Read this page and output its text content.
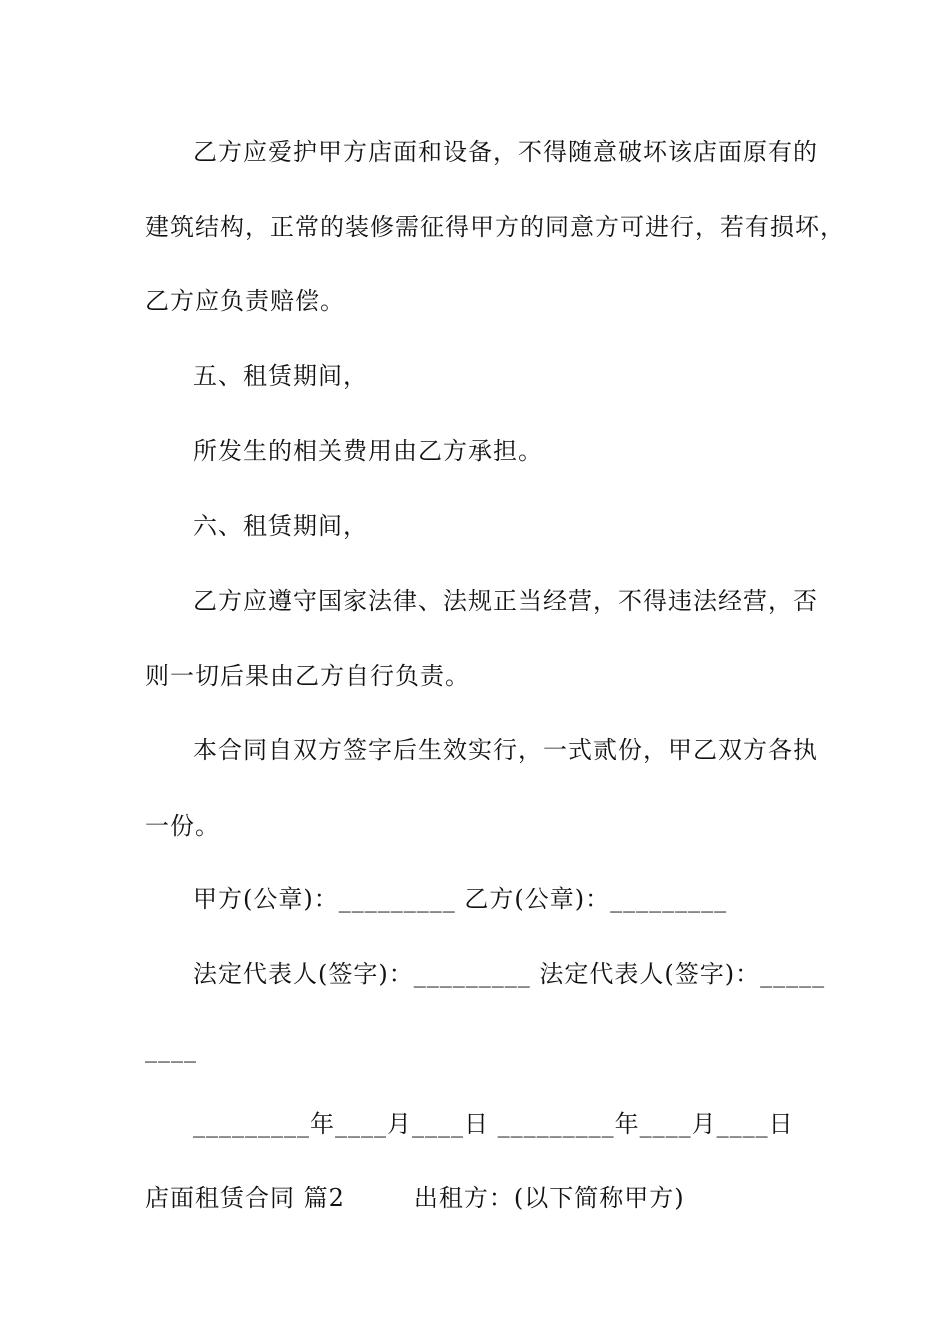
乙方应爱护甲方店面和设备，不得随意破坏该店面原有的
建筑结构，正常的装修需征得甲方的同意方可进行，若有损坏，
乙方应负责赔偿。
五、租赁期间，
所发生的相关费用由乙方承担。
六、租赁期间，
乙方应遵守国家法律、法规正当经营，不得违法经营，否
则一切后果由乙方自行负责。
本合同自双方签字后生效实行，一式贰份，甲乙双方各执
一份。
甲方(公章)：_________ 乙方(公章)：_________
法定代表人(签字)：_________ 法定代表人(签字)：_____
____
_________年____月____日 _________年____月____日
店面租赁合同 篇2        出租方：(以下简称甲方)
